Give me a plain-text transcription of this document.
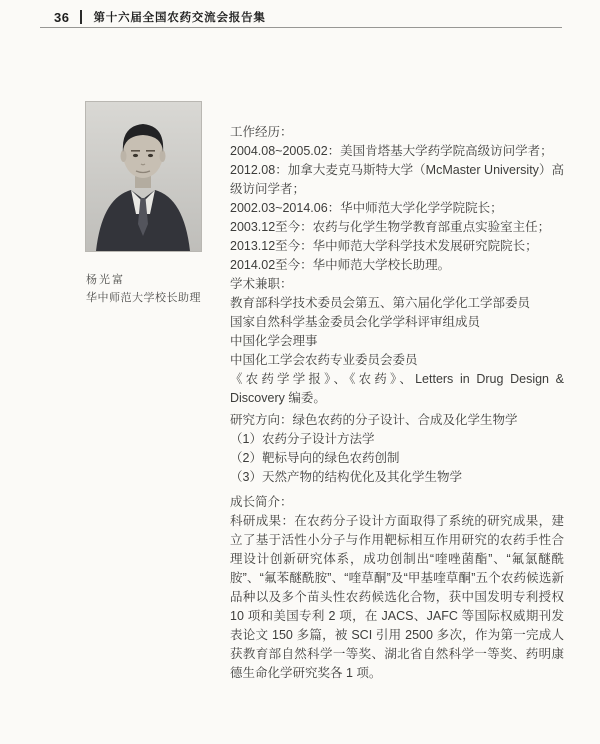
36 第十六届全国农药交流会报告集
杨光富
华中师范大学校长助理

工作经历：

2004.08~2005.02：美国肯塔基大学药学院高级访问学者；

2012.08：加拿大麦克马斯特大学（McMaster University）高级访问学者；

2002.03~2014.06：华中师范大学化学学院院长；

2003.12至今：农药与化学生物学教育部重点实验室主任；

2013.12至今：华中师范大学科学技术发展研究院院长；

2014.02至今：华中师范大学校长助理。

学术兼职：

教育部科学技术委员会第五、第六届化学化工学部委员

国家自然科学基金委员会化学学科评审组成员

中国化学会理事

中国化工学会农药专业委员会委员

《农药学学报》、《农药》、Letters in Drug Design & Discovery 编委。

研究方向：绿色农药的分子设计、合成及化学生物学

（1）农药分子设计方法学

（2）靶标导向的绿色农药创制

（3）天然产物的结构优化及其化学生物学

成长简介：

科研成果：在农药分子设计方面取得了系统的研究成果，建立了基于活性小分子与作用靶标相互作用研究的农药手性合理设计创新研究体系，成功创制出“喹唑菌酯”、“氟氯醚酰胺”、“氟苯醚酰胺”、“喹草酮”及“甲基喹草酮”五个农药候选新品种以及多个苗头性农药候选化合物，获中国发明专利授权 10 项和美国专利 2 项，在 JACS、JAFC 等国际权威期刊发表论文 150 多篇，被 SCI 引用 2500 多次，作为第一完成人获教育部自然科学一等奖、湖北省自然科学一等奖、药明康德生命化学研究奖各 1 项。
